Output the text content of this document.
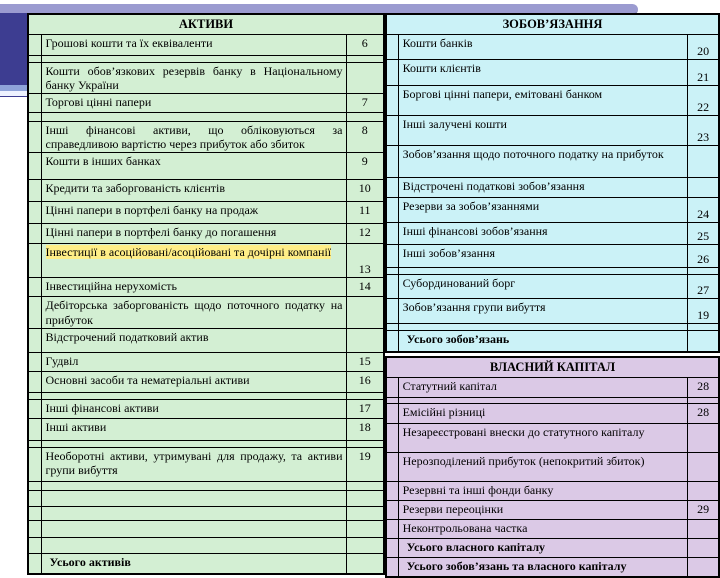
АКТИВИ		
	Грошові кошти та їх еквіваленти	6

	Кошти обов’язкових резервів банку в Національному банку України	
	Торгові цінні папери	7

	Інші фінансові активи, що обліковуються за справедливою вартістю через прибуток або збиток	8
	Кошти в інших банках	9
	Кредити та заборгованість клієнтів	10
	Цінні папери в портфелі банку на продаж	11
	Цінні папери в портфелі банку до погашення	12
	Інвестиції в асоційовані/асоційовані та дочірні компанії	13
	Інвестиційна нерухомість	14
	Дебіторська заборгованість щодо поточного податку на прибуток	
	Відстрочений податковий актив	
	Гудвіл	15
	Основні засоби та нематеріальні активи	16

	Інші фінансові активи	17
	Інші активи	18

	Необоротні активи, утримувані для продажу, та активи групи вибуття	19

	Усього активів	
ЗОБОВ’ЯЗАННЯ		
	Кошти банків	20
	Кошти клієнтів	21
	Боргові цінні папери, емітовані банком	22
	Інші залучені кошти	23
	Зобов’язання щодо поточного податку на прибуток	
	Відстрочені податкові зобов’язання	
	Резерви за зобов’язаннями	24
	Інші фінансові зобов’язання	25
	Інші зобов’язання	26

	Субординований борг	27
	Зобов’язання групи вибуття	19

	Усього зобов’язань	
ВЛАСНИЙ КАПІТАЛ		
	Статутний капітал	28

	Емісійні різниці	28
	Незареєстровані внески до статутного капіталу	
	Нерозподілений прибуток (непокритий збиток)	
	Резервні та інші фонди банку	
	Резерви переоцінки	29
	Неконтрольована частка	
	Усього власного капіталу	
	Усього зобов’язань та власного капіталу	
